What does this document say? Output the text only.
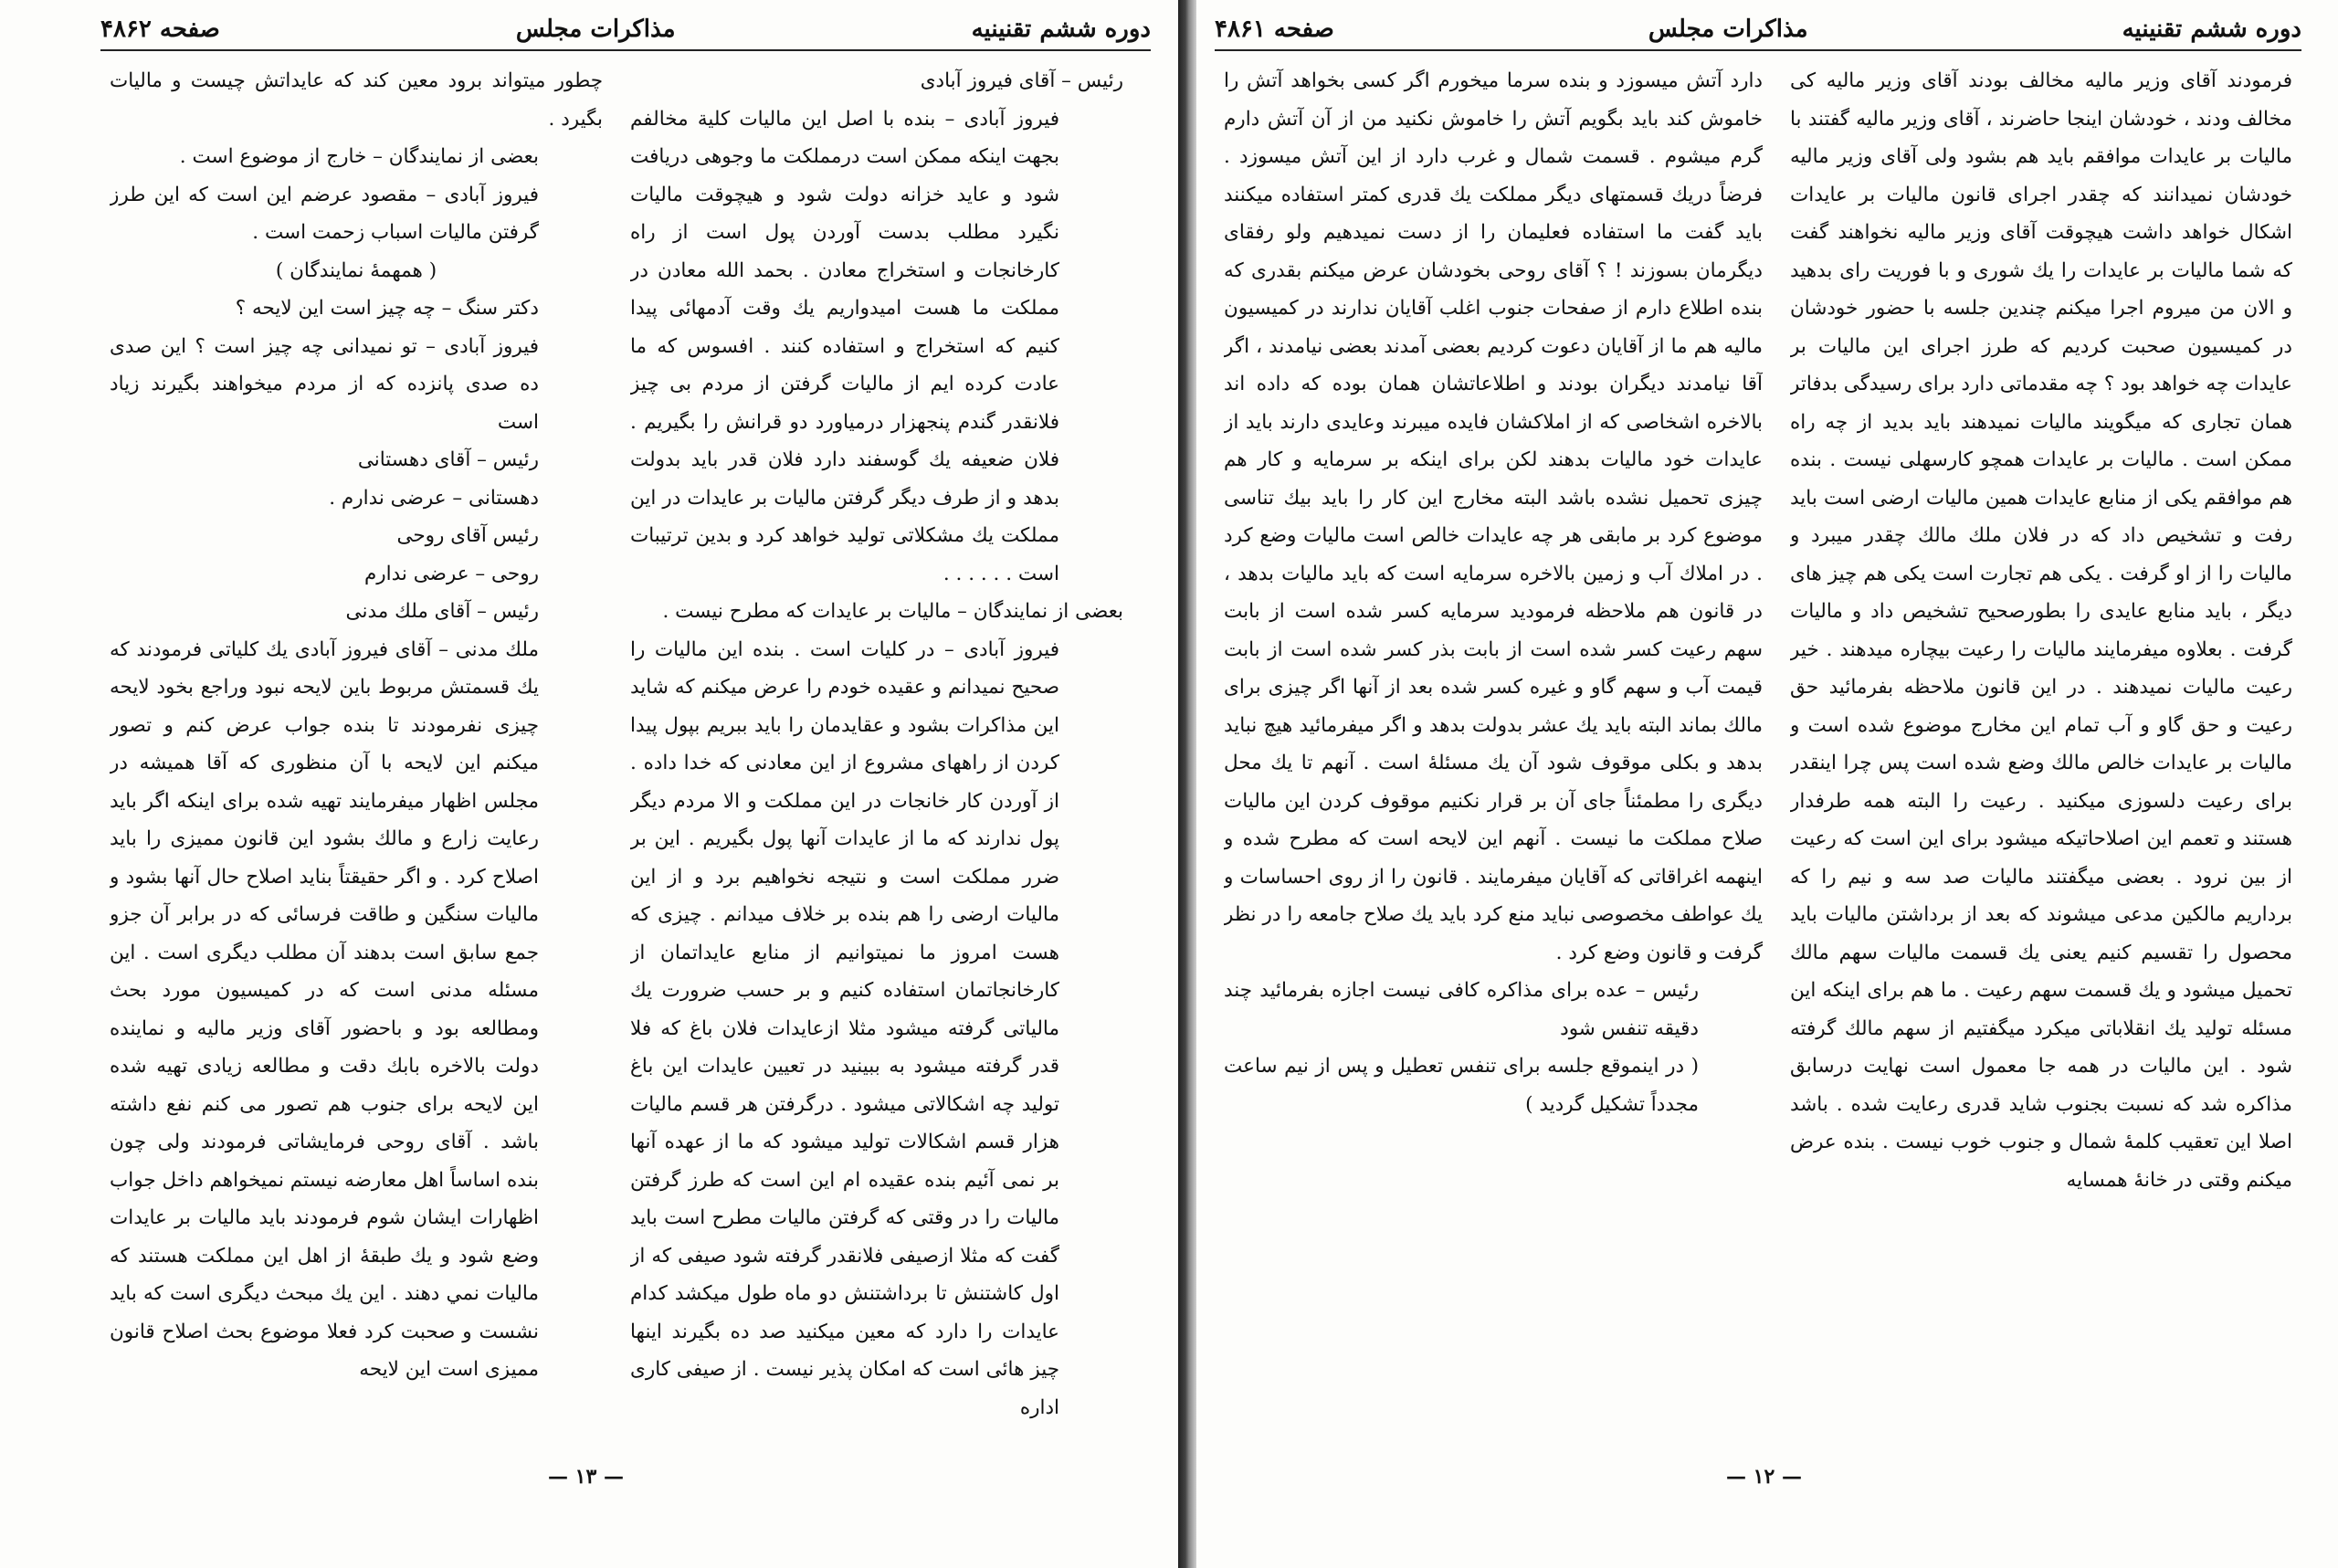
دوره ششم تقنينيه
مذاكرات مجلس
صفحه ۴۸۶۲

رئيس – آقاى فيروز آبادى

فيروز آبادى – بنده با اصل اين ماليات كلية مخالفم بجهت اينكه ممكن است درمملكت ما وجوهى دريافت شود و عايد خزانه دولت شود و هيچوقت ماليات نگيرد مطلب بدست آوردن پول است از راه كارخانجات و استخراج معادن . بحمد الله معادن در مملكت ما هست اميدواريم يك وقت آدمهائى پيدا كنيم كه استخراج و استفاده كنند . افسوس كه ما عادت كرده ايم از ماليات گرفتن از مردم بى چيز فلانقدر گندم پنجهزار درمياورد دو قرانش را بگيريم . فلان ضعيفه يك گوسفند دارد فلان قدر بايد بدولت بدهد و از طرف ديگر گرفتن ماليات بر عايدات در اين مملكت يك مشكلاتى توليد خواهد كرد و بدين ترتيبات است . . . . . .

بعضى از نمايندگان – ماليات بر عايدات كه مطرح نيست .

فيروز آبادى – در كليات است . بنده اين ماليات را صحيح نميدانم و عقيده خودم را عرض ميكنم كه شايد اين مذاكرات بشود و عقايدمان را بايد ببريم بپول پيدا كردن از راههاى مشروع از اين معادنى كه خدا داده . از آوردن كار خانجات در اين مملكت و الا مردم ديگر پول ندارند كه ما از عايدات آنها پول بگيريم . اين بر ضرر مملكت است و نتيجه نخواهيم برد و از اين ماليات ارضى را هم بنده بر خلاف ميدانم . چيزى كه هست امروز ما نميتوانيم از منابع عايداتمان از كارخانجاتمان استفاده كنيم و بر حسب ضرورت يك مالياتى گرفته ميشود مثلا ازعايدات فلان باغ كه فلا قدر گرفته ميشود به ببينيد در تعيين عايدات اين باغ توليد چه اشكالاتى ميشود . درگرفتن هر قسم ماليات هزار قسم اشكالات توليد ميشود كه ما از عهده آنها بر نمى آئيم بنده عقيده ام اين است كه طرز گرفتن ماليات را در وقتى كه گرفتن ماليات مطرح است بايد گفت كه مثلا ازصيفى فلانقدر گرفته شود صيفى كه از اول كاشتنش تا برداشتنش دو ماه طول ميكشد كدام عايدات را دارد كه معين ميكنيد صد ده بگيرند اينها چيز هائى است كه امكان پذير نيست . از صيفى كارى اداره

چطور ميتواند برود معين كند كه عايداتش چيست و ماليات بگيرد .

بعضى از نمايندگان – خارج از موضوع است .

فيروز آبادى – مقصود عرضم اين است كه اين طرز گرفتن ماليات اسباب زحمت است .

( همهمهٔ نمايندگان )

دكتر سنگ – چه چيز است اين لايحه ؟

فيروز آبادى – تو نميدانى چه چيز است ؟ اين صدى ده صدى پانزده كه از مردم ميخواهند بگيرند زياد است

رئيس – آقاى دهستانى

دهستانى – عرضى ندارم .

رئيس آقاى روحى

روحى – عرضى ندارم

رئيس – آقاى ملك مدنى

ملك مدنى – آقاى فيروز آبادى يك كلياتى فرمودند كه يك قسمتش مربوط باين لايحه نبود وراجع بخود لايحه چيزى نفرمودند تا بنده جواب عرض كنم و تصور ميكنم اين لايحه با آن منظورى كه آقا هميشه در مجلس اظهار ميفرمايند تهيه شده براى اينكه اگر بايد رعايت زارع و مالك بشود اين قانون مميزى را بايد اصلاح كرد . و اگر حقيقتاً بنايد اصلاح حال آنها بشود و ماليات سنگين و طاقت فرسائى كه در برابر آن جزو جمع سابق است بدهند آن مطلب ديگرى است . اين مسئله مدنى است كه در كميسيون مورد بحث ومطالعه بود و باحضور آقاى وزير ماليه و نماينده دولت بالاخره بابك دقت و مطالعه زيادى تهيه شده اين لايحه براى جنوب هم تصور مى كنم نفع داشته باشد . آقاى روحى فرمايشاتى فرمودند ولى چون بنده اساساً اهل معارضه نيستم نميخواهم داخل جواب اظهارات ايشان شوم فرمودند بايد ماليات بر عايدات وضع شود و يك طبقهٔ از اهل اين مملكت هستند كه ماليات نمي دهند . اين يك مبحث ديگرى است كه بايد نشست و صحبت كرد فعلا موضوع بحث اصلاح قانون مميزى است اين لايحه

— ۱۳ —
دوره ششم تقنينيه
مذاكرات مجلس
صفحه ۴۸۶۱

فرمودند آقاى وزير ماليه مخالف بودند آقاى وزير ماليه كى مخالف ودند ، خودشان اينجا حاضرند ، آقاى وزير ماليه گفتند با ماليات بر عايدات موافقم بايد هم بشود ولى آقاى وزير ماليه خودشان نميدانند كه چقدر اجراى قانون ماليات بر عايدات اشكال خواهد داشت هيچوقت آقاى وزير ماليه نخواهند گفت كه شما ماليات بر عايدات را يك شورى و با فوريت راى بدهيد و الان من ميروم اجرا ميكنم چندين جلسه با حضور خودشان در كميسيون صحبت كرديم كه طرز اجراى اين ماليات بر عايدات چه خواهد بود ؟ چه مقدماتى دارد براى رسيدگى بدفاتر همان تجارى كه ميگويند ماليات نميدهند بايد بديد از چه راه ممكن است . ماليات بر عايدات همچو كارسهلى نيست . بنده هم موافقم يكى از منابع عايدات همين ماليات ارضى است بايد رفت و تشخيص داد كه در فلان ملك مالك چقدر ميبرد و ماليات را از او گرفت . يكى هم تجارت است يكى هم چيز هاى ديگر ، بايد منابع عايدى را بطورصحيح تشخيص داد و ماليات گرفت . بعلاوه ميفرمايند ماليات را رعيت بيچاره ميدهند . خير رعيت ماليات نميدهند . در اين قانون ملاحظه بفرمائيد حق رعيت و حق گاو و آب تمام اين مخارج موضوع شده است و ماليات بر عايدات خالص مالك وضع شده است پس چرا اينقدر براى رعيت دلسوزى ميكنيد . رعيت را البته همه طرفدار هستند و تعمم اين اصلاحاتيكه ميشود براى اين است كه رعيت از بين نرود . بعضى ميگفتند ماليات صد سه و نيم را كه برداريم مالكين مدعى ميشوند كه بعد از برداشتن ماليات بايد محصول را تقسيم كنيم يعنى يك قسمت ماليات سهم مالك تحميل ميشود و يك قسمت سهم رعيت . ما هم براى اينكه اين مسئله توليد يك انقلاباتى ميكرد ميگفتيم از سهم مالك گرفته شود . اين ماليات در همه جا معمول است نهايت درسابق مذاكره شد كه نسبت بجنوب شايد قدرى رعايت شده . باشد اصلا اين تعقيب كلمهٔ شمال و جنوب خوب نيست . بنده عرض ميكنم وقتى در خانهٔ همسايه

دارد آتش ميسوزد و بنده سرما ميخورم اگر كسى بخواهد آتش را خاموش كند بايد بگويم آتش را خاموش نكنيد من از آن آتش دارم گرم ميشوم . قسمت شمال و غرب دارد از اين آتش ميسوزد . فرضاً دريك قسمتهاى ديگر مملكت يك قدرى كمتر استفاده ميكنند بايد گفت ما استفاده فعليمان را از دست نميدهيم ولو رفقاى ديگرمان بسوزند ! ؟ آقاى روحى بخودشان عرض ميكنم بقدرى كه بنده اطلاع دارم از صفحات جنوب اغلب آقايان ندارند در كميسيون ماليه هم ما از آقايان دعوت كرديم بعضى آمدند بعضى نيامدند ، اگر آقا نيامدند ديگران بودند و اطلاعاتشان همان بوده كه داده اند بالاخره اشخاصى كه از املاكشان فايده ميبرند وعايدى دارند بايد از عايدات خود ماليات بدهند لكن براى اينكه بر سرمايه و كار هم چيزى تحميل نشده باشد البته مخارج اين كار را بايد بيك تناسى موضوع كرد بر مابقى هر چه عايدات خالص است ماليات وضع كرد . در املاك آب و زمين بالاخره سرمايه است كه بايد ماليات بدهد ، در قانون هم ملاحظه فرموديد سرمايه كسر شده است از بابت سهم رعيت كسر شده است از بابت بذر كسر شده است از بابت قيمت آب و سهم گاو و غيره كسر شده بعد از آنها اگر چيزى براى مالك بماند البته بايد يك عشر بدولت بدهد و اگر ميفرمائيد هيچ نبايد بدهد و بكلى موقوف شود آن يك مسئلهٔ است . آنهم تا يك محل ديگرى را مطمئناً جاى آن بر قرار نكنيم موقوف كردن اين ماليات صلاح مملكت ما نيست . آنهم اين لايحه است كه مطرح شده و اينهمه اغراقاتى كه آقايان ميفرمايند . قانون را از روى احساسات و يك عواطف مخصوصى نبايد منع كرد بايد يك صلاح جامعه را در نظر گرفت و قانون وضع كرد .

رئيس – عده براى مذاكره كافى نيست اجازه بفرمائيد چند دقيقه تنفس شود

( در اينموقع جلسه براى تنفس تعطيل و پس از نيم ساعت مجدداً تشكيل گرديد )

— ۱۲ —
